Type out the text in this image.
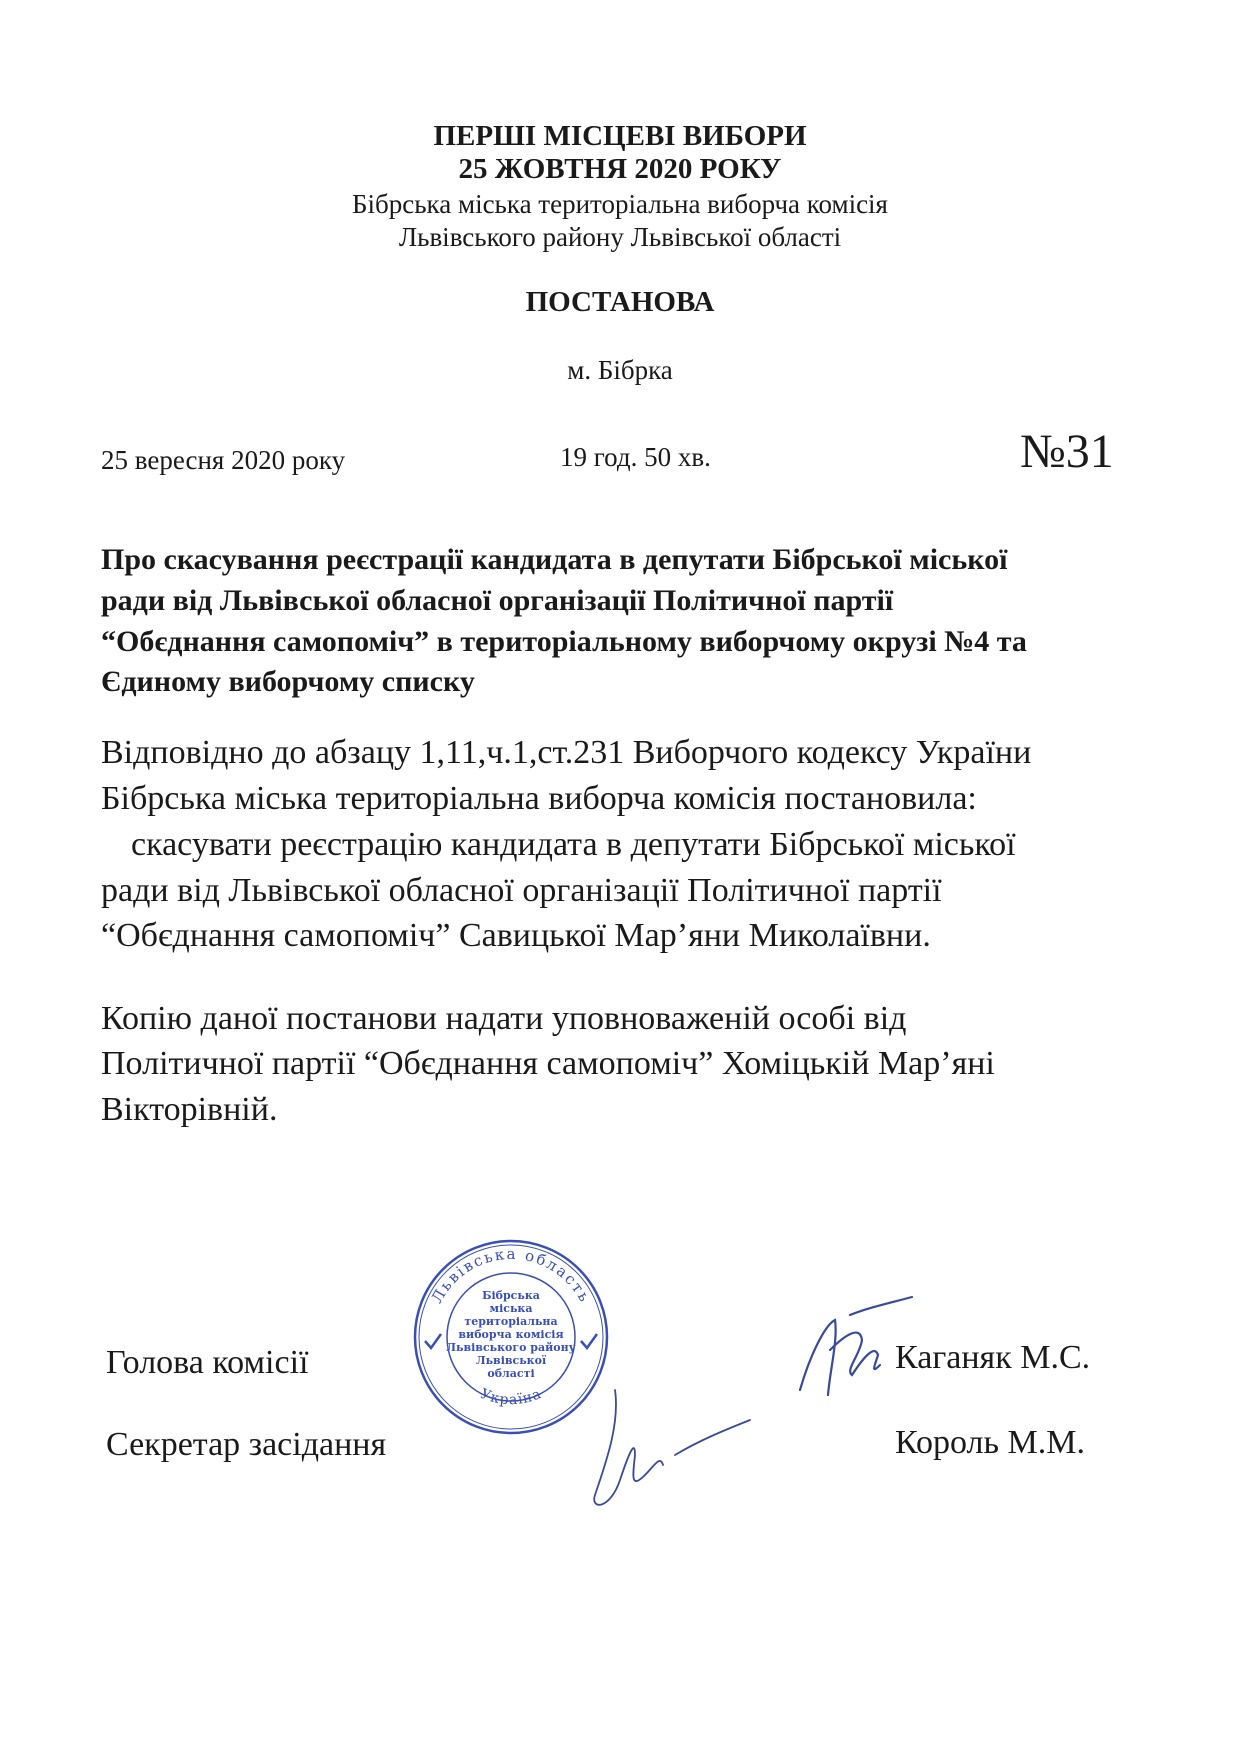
ПЕРШІ МІСЦЕВІ ВИБОРИ
25 ЖОВТНЯ 2020 РОКУ
Бібрська міська територіальна виборча комісія
Львівського району Львівської області
ПОСТАНОВА
м. Бібрка
25 вересня 2020 року	19 год. 50 хв.	№31
Про скасування реєстрації кандидата в депутати Бібрської міської
ради від Львівської обласної організації Політичної партії
“Обєднання самопоміч” в територіальному виборчому окрузі №4 та
Єдиному виборчому списку
Відповідно до абзацу 1,11,ч.1,ст.231 Виборчого кодексу України
Бібрська міська територіальна виборча комісія постановила:
скасувати реєстрацію кандидата в депутати Бібрської міської
ради від Львівської обласної організації Політичної партії
“Обєднання самопоміч” Савицької Мар’яни Миколаївни.
Копію даної постанови надати уповноваженій особі від
Політичної партії “Обєднання самопоміч” Хоміцькій Мар’яні
Вікторівній.
Голова комісії	Каганяк М.С.
Секретар засідання	Король М.М.
Львівська область
Україна
Бібрська
міська
територіальна
виборча комісія
Львівського району
Львівської
області
